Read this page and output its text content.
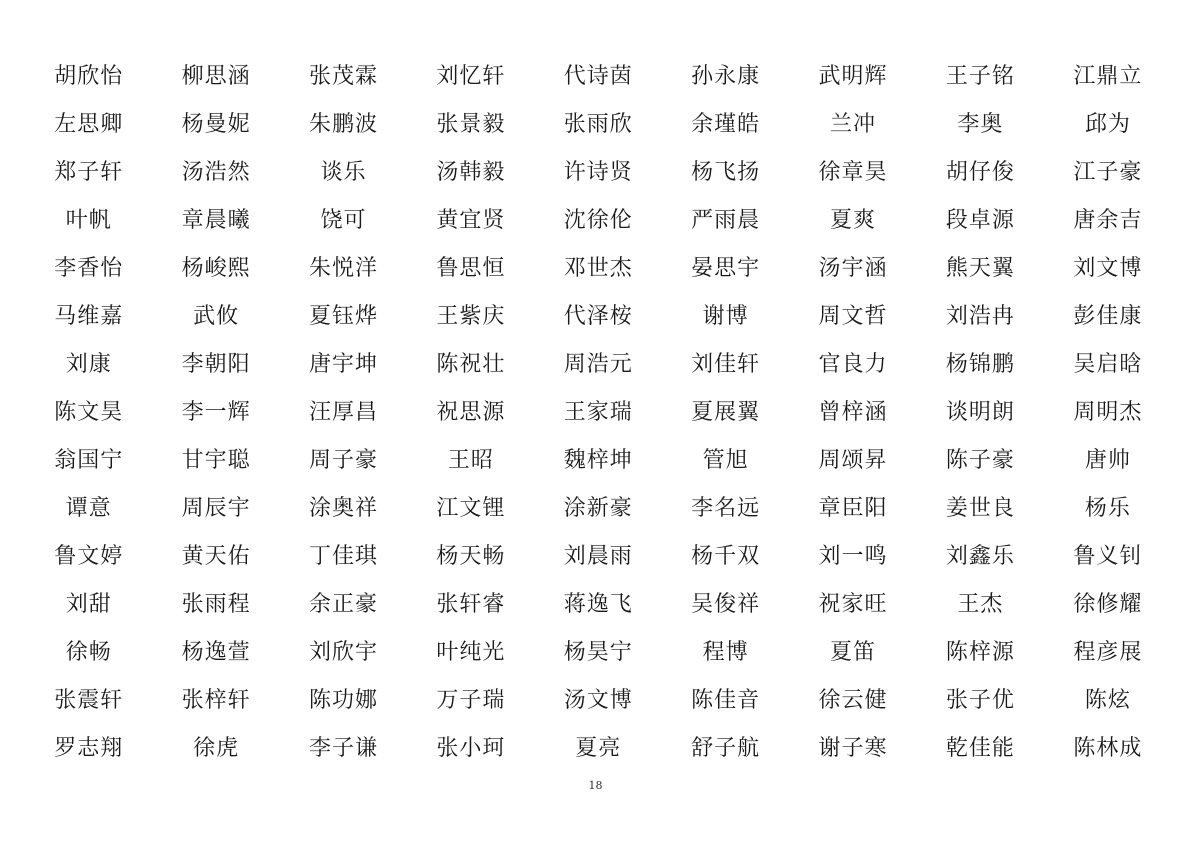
胡欣怡	柳思涵	张茂霖	刘忆轩	代诗茵	孙永康	武明辉	王子铭	江鼎立
左思卿	杨曼妮	朱鹏波	张景毅	张雨欣	余瑾皓	兰冲	李奥	邱为
郑子轩	汤浩然	谈乐	汤韩毅	许诗贤	杨飞扬	徐章昊	胡仔俊	江子豪
叶帆	章晨曦	饶可	黄宜贤	沈徐伦	严雨晨	夏爽	段卓源	唐余吉
李香怡	杨峻熙	朱悦洋	鲁思恒	邓世杰	晏思宇	汤宇涵	熊天翼	刘文博
马维嘉	武攸	夏钰烨	王紫庆	代泽桉	谢博	周文哲	刘浩冉	彭佳康
刘康	李朝阳	唐宇坤	陈祝壮	周浩元	刘佳轩	官良力	杨锦鹏	吴启晗
陈文昊	李一辉	汪厚昌	祝思源	王家瑞	夏展翼	曾梓涵	谈明朗	周明杰
翁国宁	甘宇聪	周子豪	王昭	魏梓坤	管旭	周颂昇	陈子豪	唐帅
谭意	周辰宇	涂奥祥	江文锂	涂新豪	李名远	章臣阳	姜世良	杨乐
鲁文婷	黄天佑	丁佳琪	杨天畅	刘晨雨	杨千双	刘一鸣	刘鑫乐	鲁义钊
刘甜	张雨程	余正豪	张轩睿	蒋逸飞	吴俊祥	祝家旺	王杰	徐修耀
徐畅	杨逸萱	刘欣宇	叶纯光	杨昊宁	程博	夏笛	陈梓源	程彦展
张震轩	张梓轩	陈功娜	万子瑞	汤文博	陈佳音	徐云健	张子优	陈炫
罗志翔	徐虎	李子谦	张小珂	夏亮	舒子航	谢子寒	乾佳能	陈林成
18
